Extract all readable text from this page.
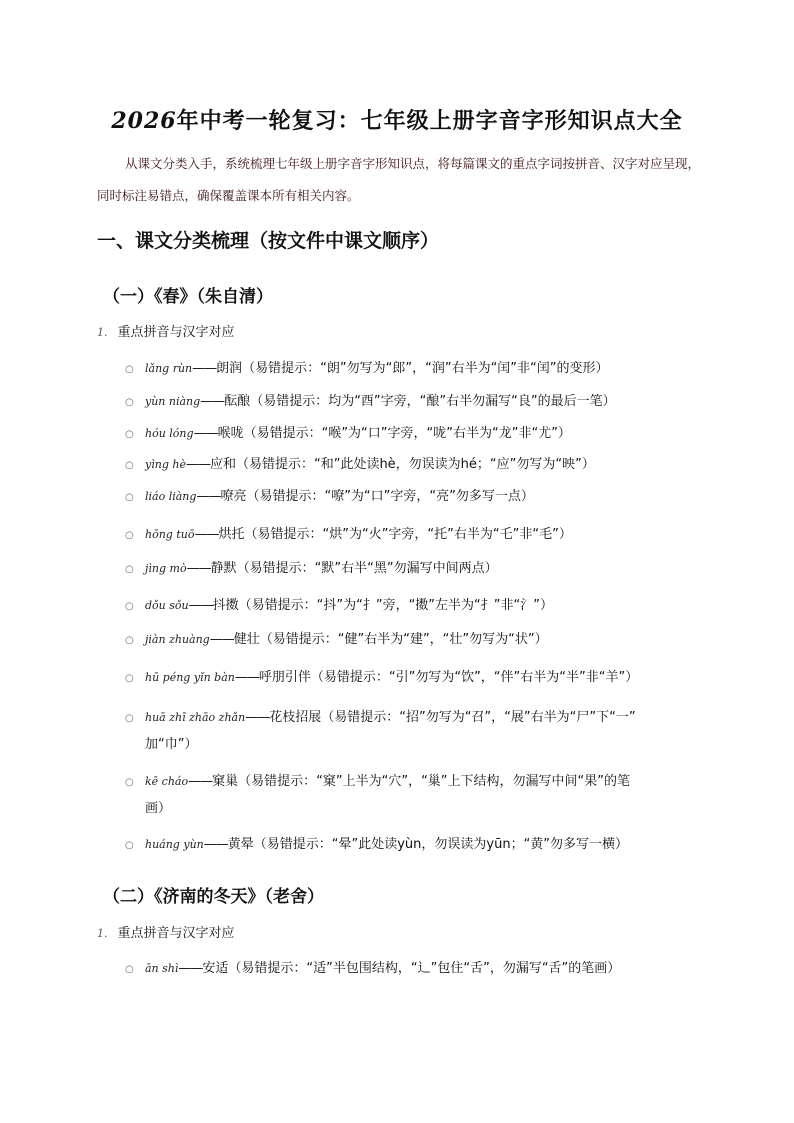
2026年中考一轮复习：七年级上册字音字形知识点大全
从课文分类入手，系统梳理七年级上册字音字形知识点，将每篇课文的重点字词按拼音、汉字对应呈现，同时标注易错点，确保覆盖课本所有相关内容。
一、课文分类梳理（按文件中课文顺序）
（一）《春》（朱自清）
1. 重点拼音与汉字对应
○ lǎng rùn——朗润（易错提示：“朗”勿写为“郎”，“润”右半为“闰”非“闰”的变形）
○ yùn niàng——酝酿（易错提示：均为“酉”字旁，“酿”右半勿漏写“良”的最后一笔）
○ hóu lóng——喉咙（易错提示：“喉”为“口”字旁，“咙”右半为“龙”非“尤”）
○ yìng hè——应和（易错提示：“和”此处读hè，勿误读为hé；“应”勿写为“映”）
○ liáo liàng——嘹亮（易错提示：“嘹”为“口”字旁，“亮”勿多写一点）
○ hōng tuō——烘托（易错提示：“烘”为“火”字旁，“托”右半为“乇”非“毛”）
○ jìng mò——静默（易错提示：“默”右半“黑”勿漏写中间两点）
○ dǒu sǒu——抖擞（易错提示：“抖”为“扌”旁，“擞”左半为“扌”非“氵”）
○ jiàn zhuàng——健壮（易错提示：“健”右半为“建”，“壮”勿写为“状”）
○ hū péng yǐn bàn——呼朋引伴（易错提示：“引”勿写为“饮”，“伴”右半为“半”非“羊”）
○ huā zhī zhāo zhǎn——花枝招展（易错提示：“招”勿写为“召”，“展”右半为“尸”下“一”
加“巾”）
○ kē cháo——窠巢（易错提示：“窠”上半为“穴”，“巢”上下结构，勿漏写中间“果”的笔
画）
○ huáng yùn——黄晕（易错提示：“晕”此处读yùn，勿误读为yūn；“黄”勿多写一横）
（二）《济南的冬天》（老舍）
1. 重点拼音与汉字对应
○ ān shì——安适（易错提示：“适”半包围结构，“辶”包住“舌”，勿漏写“舌”的笔画）
